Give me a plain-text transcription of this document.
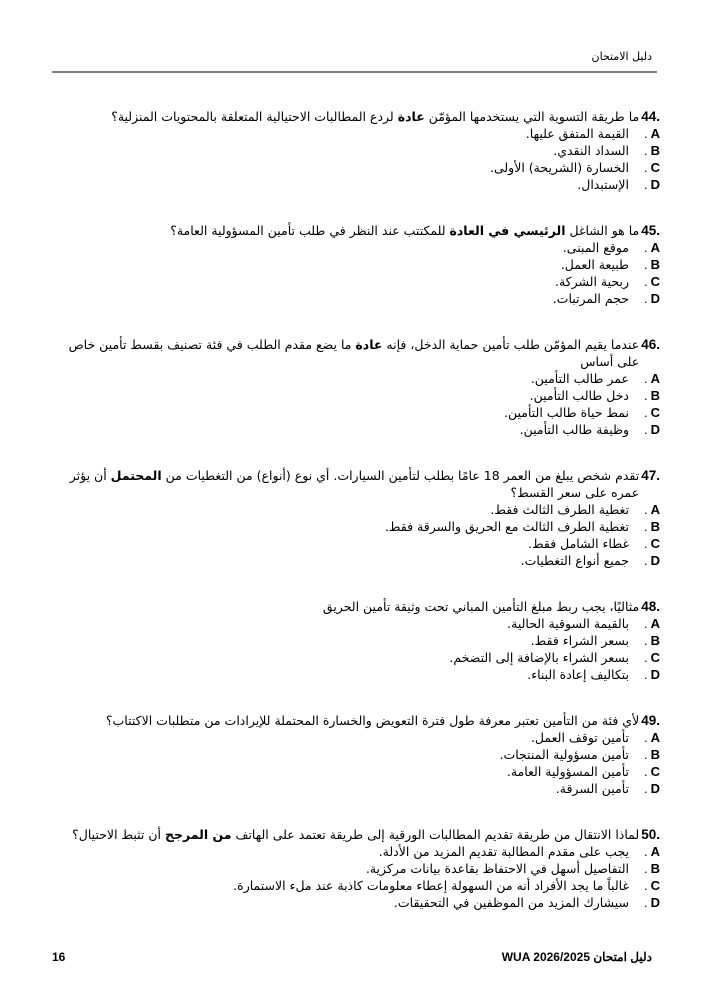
دليل الامتحان
44.
ما طريقة التسوية التي يستخدمها المؤمّن عادة لردع المطالبات الاحتيالية المتعلقة بالمحتويات المنزلية؟
. A
القيمة المتفق عليها.
. B
السداد النقدي.
. C
الخسارة (الشريحة) الأولى.
. D
الإستبدال.
45.
ما هو الشاغل الرئيسي في العادة للمكتتب عند النظر في طلب تأمين المسؤولية العامة؟
. A
موقع المبنى.
. B
طبيعة العمل.
. C
ربحية الشركة.
. D
حجم المرتبات.
46.
عندما يقيم المؤمّن طلب تأمين حماية الدخل، فإنه عادة ما يضع مقدم الطلب في فئة تصنيف بقسط تأمين خاص على أساس
. A
عمر طالب التأمين.
. B
دخل طالب التأمين.
. C
نمط حياة طالب التأمين.
. D
وظيفة طالب التأمين.
47.
تقدم شخص يبلغ من العمر 18 عامًا بطلب لتأمين السيارات. أي نوع (أنواع) من التغطيات من المحتمل أن يؤثر عمره على سعر القسط؟
. A
تغطية الطرف الثالث فقط.
. B
تغطية الطرف الثالث مع الحريق والسرقة فقط.
. C
غطاء الشامل فقط.
. D
جميع أنواع التغطيات.
48.
مثاليًا، يجب ربط مبلغ التأمين المباني تحت وثيقة تأمين الحريق
. A
بالقيمة السوقية الحالية.
. B
بسعر الشراء فقط.
. C
بسعر الشراء بالإضافة إلى التضخم.
. D
بتكاليف إعادة البناء.
49.
لأي فئة من التأمين تعتبر معرفة طول فترة التعويض والخسارة المحتملة للإيرادات من متطلبات الاكتتاب؟
. A
تأمين توقف العمل.
. B
تأمين مسؤولية المنتجات.
. C
تأمين المسؤولية العامة.
. D
تأمين السرقة.
50.
لماذا الانتقال من طريقة تقديم المطالبات الورقية إلى طريقة تعتمد على الهاتف من المرجح أن تثبط الاحتيال؟
. A
يجب على مقدم المطالبة تقديم المزيد من الأدلة.
. B
التفاصيل أسهل في الاحتفاظ بقاعدة بيانات مركزية.
. C
غالباً ما يجد الأفراد أنه من السهولة إعطاء معلومات كاذبة عند ملء الاستمارة.
. D
سيشارك المزيد من الموظفين في التحقيقات.
دليل امتحان WUA 2026/2025
16
